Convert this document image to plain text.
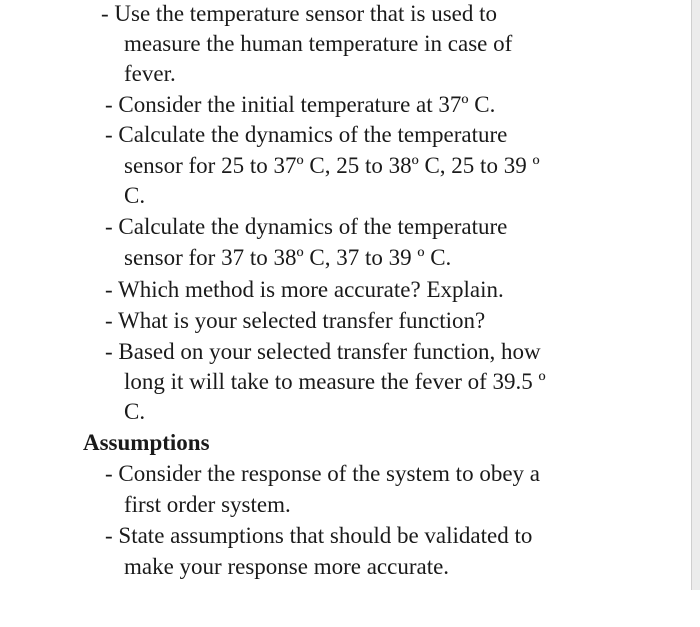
- Use the temperature sensor that is used to
measure the human temperature in case of
fever.
- Consider the initial temperature at 37º C.
- Calculate the dynamics of the temperature
sensor for 25 to 37º C, 25 to 38º C, 25 to 39 º
C.
- Calculate the dynamics of the temperature
sensor for 37 to 38º C, 37 to 39 º C.
- Which method is more accurate? Explain.
- What is your selected transfer function?
- Based on your selected transfer function, how
long it will take to measure the fever of 39.5 º
C.
Assumptions
- Consider the response of the system to obey a
first order system.
- State assumptions that should be validated to
make your response more accurate.
